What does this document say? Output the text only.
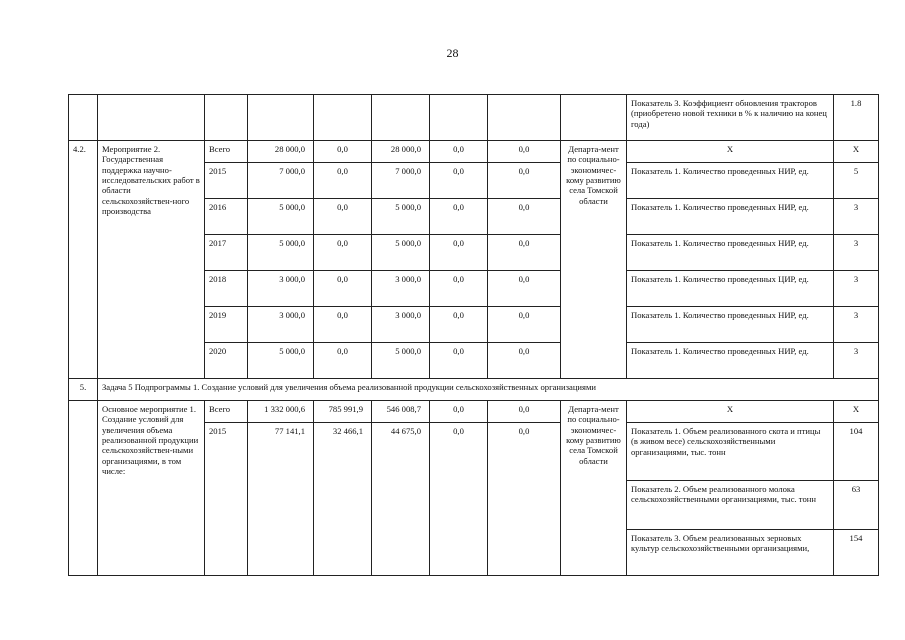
28
									Показатель 3. Коэффициент обновления тракторов (приобретено новой техники в % к наличию на конец года)	1.8
4.2.	Мероприятие 2. Государственная поддержка научно-исследовательских работ в области сельскохозяйствен-ного производства	Всего	28 000,0	0,0	28 000,0	0,0	0,0	Департа-мент по социально-экономичес-кому развитию села Томской области	Х	Х
		2015	7 000,0	0,0	7 000,0	0,0	0,0		Показатель 1. Количество проведенных НИР, ед.	5
		2016	5 000,0	0,0	5 000,0	0,0	0,0		Показатель 1. Количество проведенных НИР, ед.	3
		2017	5 000,0	0,0	5 000,0	0,0	0,0		Показатель 1. Количество проведенных НИР, ед.	3
		2018	3 000,0	0,0	3 000,0	0,0	0,0		Показатель 1. Количество проведенных ЦИР, ед.	3
		2019	3 000,0	0,0	3 000,0	0,0	0,0		Показатель 1. Количество проведенных НИР, ед.	3
		2020	5 000,0	0,0	5 000,0	0,0	0,0		Показатель 1. Количество проведенных НИР, ед.	3
5.	Задача 5 Подпрограммы 1. Создание условий для увеличения объема реализованной продукции сельскохозяйственных организациями									
	Основное мероприятие 1. Создание условий для увеличения объема реализованной продукции сельскохозяйствен-ными организациями, в том числе:	Всего	1 332 000,6	785 991,9	546 008,7	0,0	0,0	Департа-мент по социально-экономичес-кому развитию села Томской области	Х	Х
		2015	77 141,1	32 466,1	44 675,0	0,0	0,0		Показатель 1. Объем реализованного скота и птицы (в живом весе) сельскохозяйственными организациями, тыс. тонн	104
									Показатель 2. Объем реализованного молока сельскохозяйственными организациями, тыс. тонн	63
									Показатель 3. Объем реализованных зерновых культур сельскохозяйственными организациями,	154
